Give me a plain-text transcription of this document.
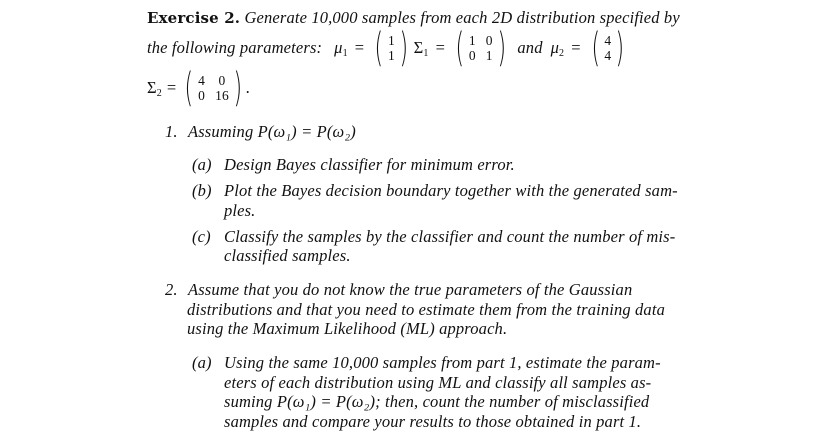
Exercise 2. Generate 10,000 samples from each 2D distribution specified by
the following parameters: $\mu_1$ = ( 1
1 ) $\Sigma_1$ = ( 1 0
0 1 ) and $\mu_2$ = ( 4
4 )
$\Sigma_2$ = ( 4 0
0 16 ) .
1. Assuming P(ω₁) = P(ω₂)
(a) Design Bayes classifier for minimum error.
(b) Plot the Bayes decision boundary together with the generated sam-
ples.
(c) Classify the samples by the classifier and count the number of mis-
classified samples.
2. Assume that you do not know the true parameters of the Gaussian
distributions and that you need to estimate them from the training data
using the Maximum Likelihood (ML) approach.
(a) Using the same 10,000 samples from part 1, estimate the param-
eters of each distribution using ML and classify all samples as-
suming P(ω₁) = P(ω₂); then, count the number of misclassified
samples and compare your results to those obtained in part 1.
